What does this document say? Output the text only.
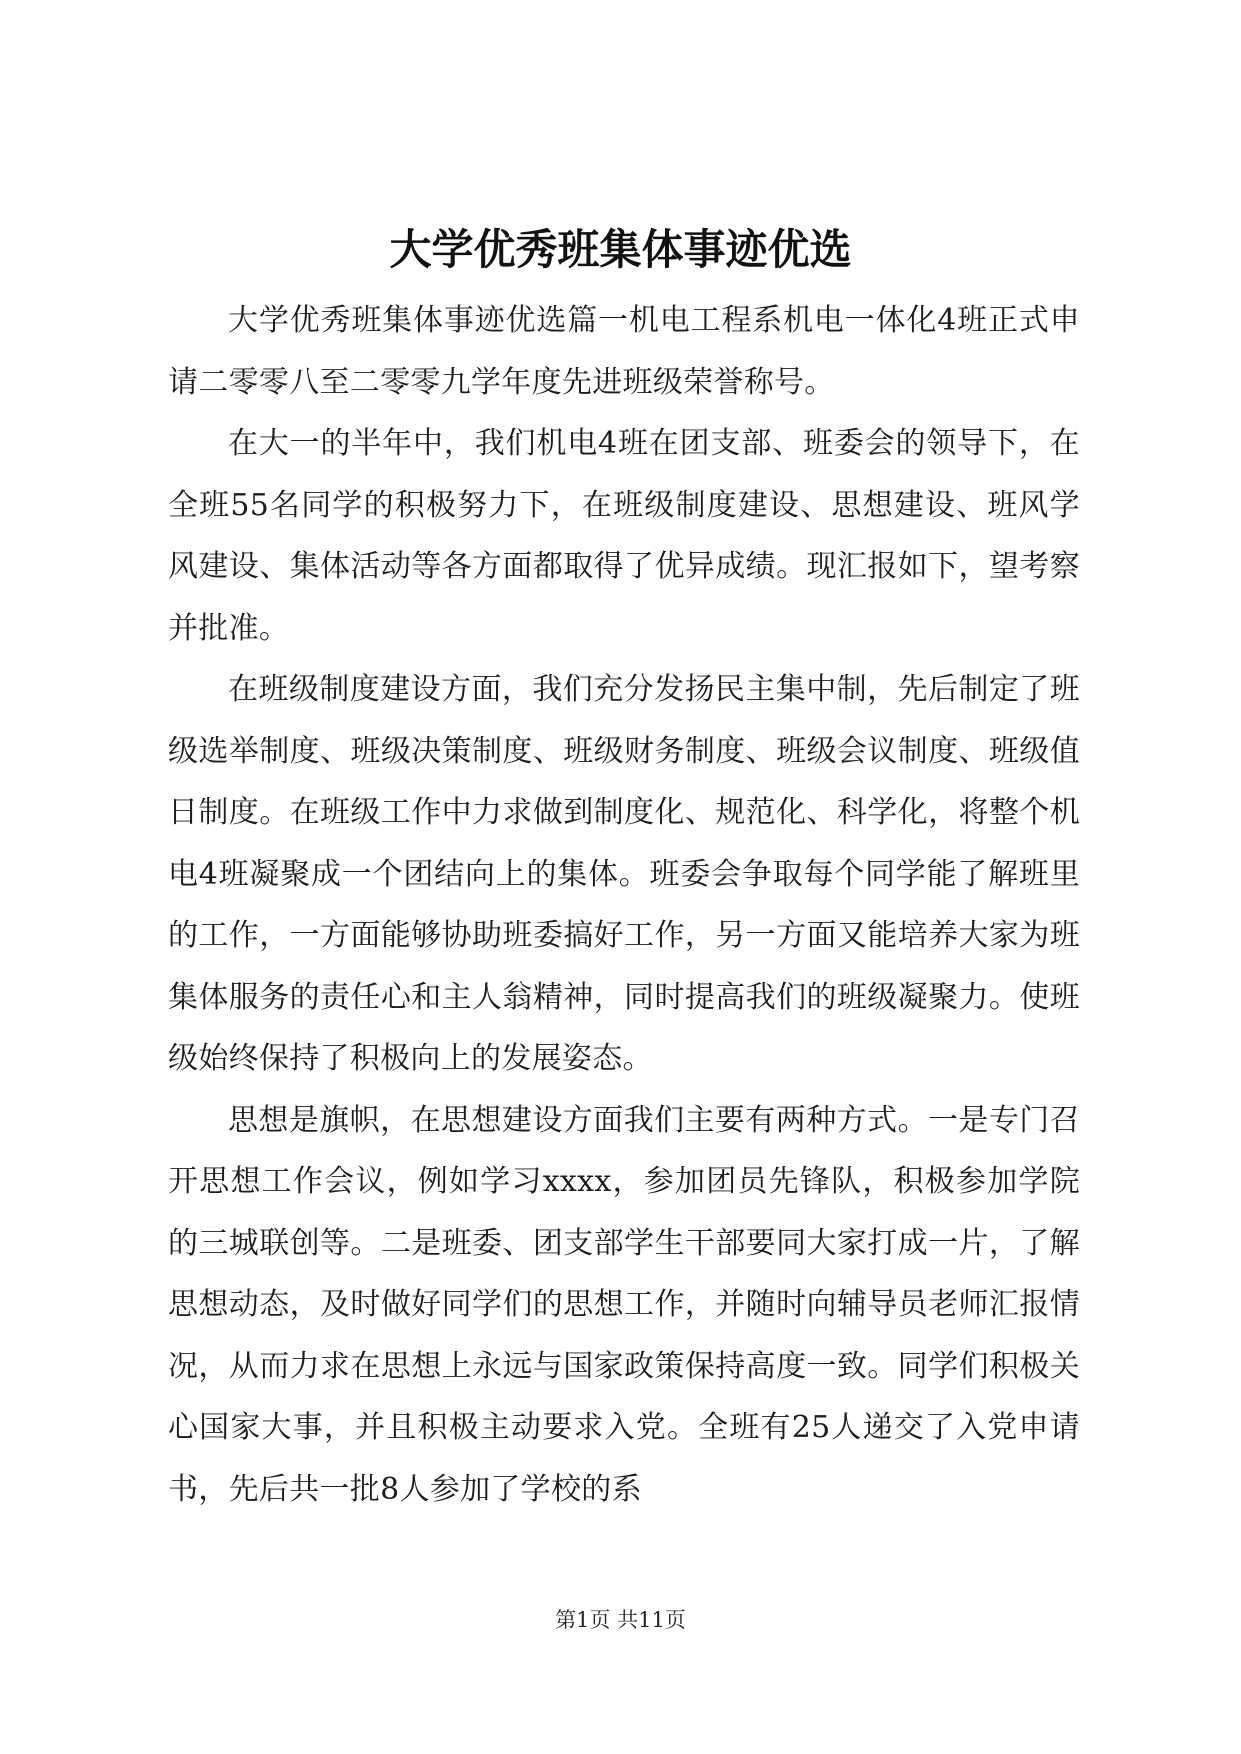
大学优秀班集体事迹优选

大学优秀班集体事迹优选篇一机电工程系机电一体化4班正式申请二零零八至二零零九学年度先进班级荣誉称号。

在大一的半年中，我们机电4班在团支部、班委会的领导下，在全班55名同学的积极努力下，在班级制度建设、思想建设、班风学风建设、集体活动等各方面都取得了优异成绩。现汇报如下，望考察并批准。

在班级制度建设方面，我们充分发扬民主集中制，先后制定了班级选举制度、班级决策制度、班级财务制度、班级会议制度、班级值日制度。在班级工作中力求做到制度化、规范化、科学化，将整个机电4班凝聚成一个团结向上的集体。班委会争取每个同学能了解班里的工作，一方面能够协助班委搞好工作，另一方面又能培养大家为班集体服务的责任心和主人翁精神，同时提高我们的班级凝聚力。使班级始终保持了积极向上的发展姿态。

思想是旗帜，在思想建设方面我们主要有两种方式。一是专门召开思想工作会议，例如学习xxxx，参加团员先锋队，积极参加学院的三城联创等。二是班委、团支部学生干部要同大家打成一片，了解思想动态，及时做好同学们的思想工作，并随时向辅导员老师汇报情况，从而力求在思想上永远与国家政策保持高度一致。同学们积极关心国家大事，并且积极主动要求入党。全班有25人递交了入党申请书，先后共一批8人参加了学校的系

第1页 共11页
